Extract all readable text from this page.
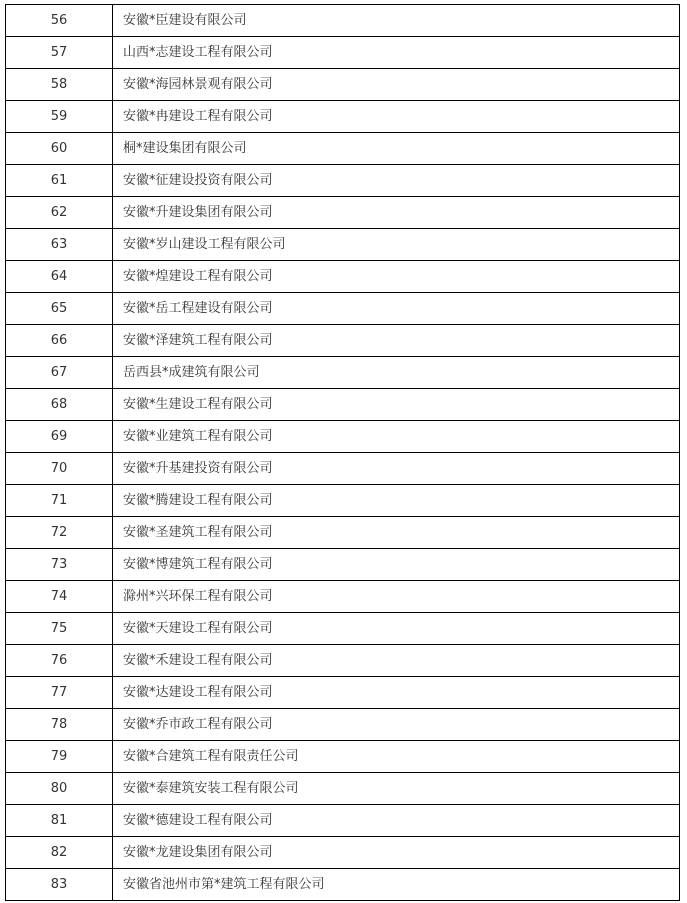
56	安徽*臣建设有限公司
57	山西*志建设工程有限公司
58	安徽*海园林景观有限公司
59	安徽*冉建设工程有限公司
60	桐*建设集团有限公司
61	安徽*征建设投资有限公司
62	安徽*升建设集团有限公司
63	安徽*岁山建设工程有限公司
64	安徽*煌建设工程有限公司
65	安徽*岳工程建设有限公司
66	安徽*泽建筑工程有限公司
67	岳西县*成建筑有限公司
68	安徽*生建设工程有限公司
69	安徽*业建筑工程有限公司
70	安徽*升基建投资有限公司
71	安徽*腾建设工程有限公司
72	安徽*圣建筑工程有限公司
73	安徽*博建筑工程有限公司
74	滁州*兴环保工程有限公司
75	安徽*天建设工程有限公司
76	安徽*禾建设工程有限公司
77	安徽*达建设工程有限公司
78	安徽*乔市政工程有限公司
79	安徽*合建筑工程有限责任公司
80	安徽*泰建筑安装工程有限公司
81	安徽*德建设工程有限公司
82	安徽*龙建设集团有限公司
83	安徽省池州市第*建筑工程有限公司
